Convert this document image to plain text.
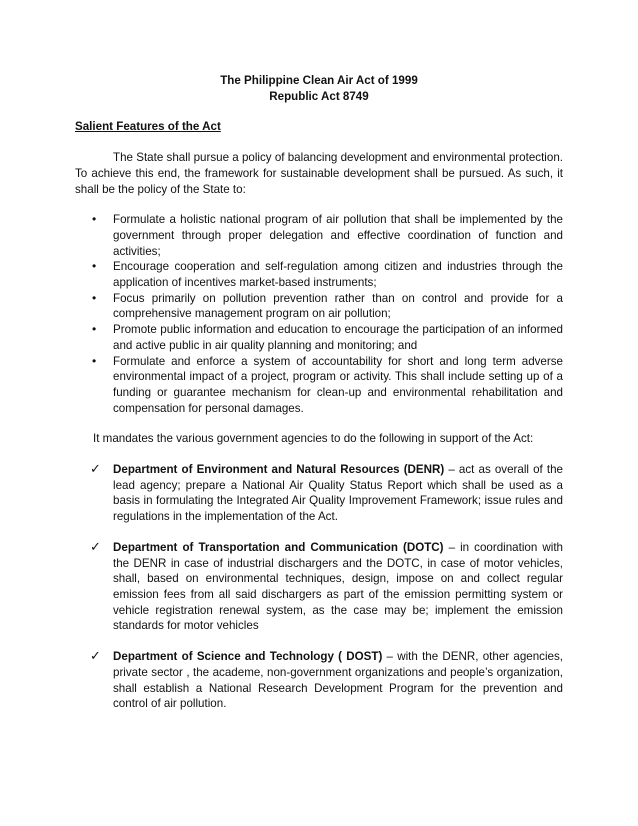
The Philippine Clean Air Act of 1999
Republic Act 8749

Salient Features of the Act

The State shall pursue a policy of balancing development and environmental protection. To achieve this end, the framework for sustainable development shall be pursued. As such, it shall be the policy of the State to:

• Formulate a holistic national program of air pollution that shall be implemented by the government through proper delegation and effective coordination of function and activities;
• Encourage cooperation and self-regulation among citizen and industries through the application of incentives market-based instruments;
• Focus primarily on pollution prevention rather than on control and provide for a comprehensive management program on air pollution;
• Promote public information and education to encourage the participation of an informed and active public in air quality planning and monitoring; and
• Formulate and enforce a system of accountability for short and long term adverse environmental impact of a project, program or activity. This shall include setting up of a funding or guarantee mechanism for clean-up and environmental rehabilitation and compensation for personal damages.

It mandates the various government agencies to do the following in support of the Act:

✓ Department of Environment and Natural Resources (DENR) – act as overall of the lead agency; prepare a National Air Quality Status Report which shall be used as a basis in formulating the Integrated Air Quality Improvement Framework; issue rules and regulations in the implementation of the Act.
✓ Department of Transportation and Communication (DOTC) – in coordination with the DENR in case of industrial dischargers and the DOTC, in case of motor vehicles, shall, based on environmental techniques, design, impose on and collect regular emission fees from all said dischargers as part of the emission permitting system or vehicle registration renewal system, as the case may be; implement the emission standards for motor vehicles
✓ Department of Science and Technology ( DOST) – with the DENR, other agencies, private sector , the academe, non-government organizations and people’s organization, shall establish a National Research Development Program for the prevention and control of air pollution.
